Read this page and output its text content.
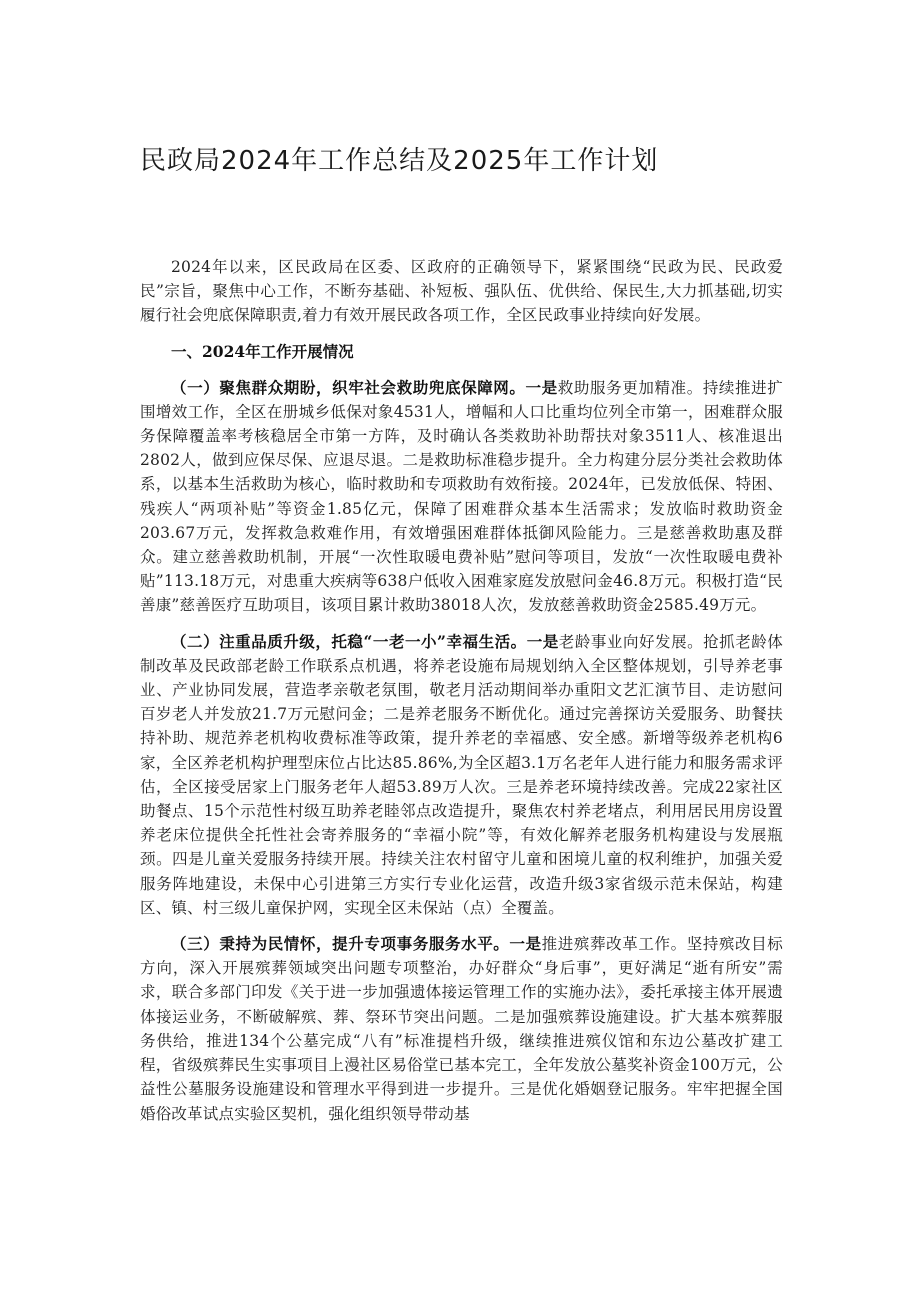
民政局2024年工作总结及2025年工作计划

2024年以来，区民政局在区委、区政府的正确领导下，紧紧围绕“民政为民、民政爱民”宗旨，聚焦中心工作，不断夯基础、补短板、强队伍、优供给、保民生,大力抓基础,切实履行社会兜底保障职责,着力有效开展民政各项工作，全区民政事业持续向好发展。

一、2024年工作开展情况

（一）聚焦群众期盼，织牢社会救助兜底保障网。一是救助服务更加精准。持续推进扩围增效工作，全区在册城乡低保对象4531人，增幅和人口比重均位列全市第一，困难群众服务保障覆盖率考核稳居全市第一方阵，及时确认各类救助补助帮扶对象3511人、核准退出2802人，做到应保尽保、应退尽退。二是救助标准稳步提升。全力构建分层分类社会救助体系，以基本生活救助为核心，临时救助和专项救助有效衔接。2024年，已发放低保、特困、残疾人“两项补贴”等资金1.85亿元，保障了困难群众基本生活需求；发放临时救助资金203.67万元，发挥救急救难作用，有效增强困难群体抵御风险能力。三是慈善救助惠及群众。建立慈善救助机制，开展“一次性取暖电费补贴”慰问等项目，发放“一次性取暖电费补贴”113.18万元，对患重大疾病等638户低收入困难家庭发放慰问金46.8万元。积极打造“民善康”慈善医疗互助项目，该项目累计救助38018人次，发放慈善救助资金2585.49万元。

（二）注重品质升级，托稳“一老一小”幸福生活。一是老龄事业向好发展。抢抓老龄体制改革及民政部老龄工作联系点机遇，将养老设施布局规划纳入全区整体规划，引导养老事业、产业协同发展，营造孝亲敬老氛围，敬老月活动期间举办重阳文艺汇演节目、走访慰问百岁老人并发放21.7万元慰问金；二是养老服务不断优化。通过完善探访关爱服务、助餐扶持补助、规范养老机构收费标准等政策，提升养老的幸福感、安全感。新增等级养老机构6家，全区养老机构护理型床位占比达85.86%,为全区超3.1万名老年人进行能力和服务需求评估，全区接受居家上门服务老年人超53.89万人次。三是养老环境持续改善。完成22家社区助餐点、15个示范性村级互助养老睦邻点改造提升，聚焦农村养老堵点，利用居民用房设置养老床位提供全托性社会寄养服务的“幸福小院”等，有效化解养老服务机构建设与发展瓶颈。四是儿童关爱服务持续开展。持续关注农村留守儿童和困境儿童的权利维护，加强关爱服务阵地建设，未保中心引进第三方实行专业化运营，改造升级3家省级示范未保站，构建区、镇、村三级儿童保护网，实现全区未保站（点）全覆盖。

（三）秉持为民情怀，提升专项事务服务水平。一是推进殡葬改革工作。坚持殡改目标方向，深入开展殡葬领域突出问题专项整治，办好群众“身后事”，更好满足“逝有所安”需求，联合多部门印发《关于进一步加强遗体接运管理工作的实施办法》，委托承接主体开展遗体接运业务，不断破解殡、葬、祭环节突出问题。二是加强殡葬设施建设。扩大基本殡葬服务供给，推进134个公墓完成“八有”标准提档升级，继续推进殡仪馆和东边公墓改扩建工程，省级殡葬民生实事项目上漫社区易俗堂已基本完工，全年发放公墓奖补资金100万元，公益性公墓服务设施建设和管理水平得到进一步提升。三是优化婚姻登记服务。牢牢把握全国婚俗改革试点实验区契机，强化组织领导带动基
